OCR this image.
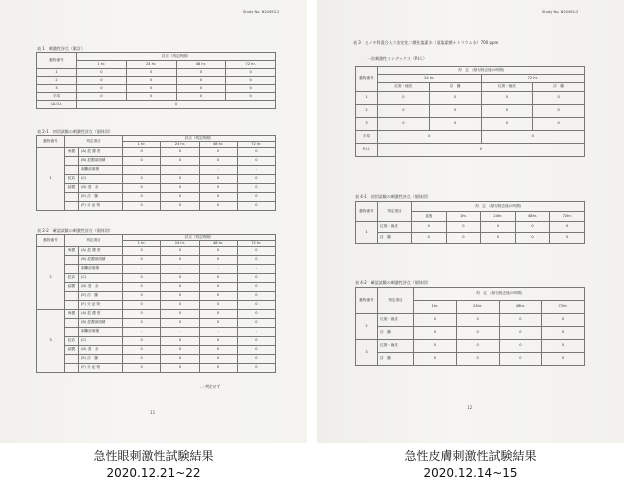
Study No. N20493-2
表 1　刺激性評点（累計）
動物番号	評点（判定時期）			
	1 hr.	24 hr.	48 hr.	72 hr.
1	0	0	0	0
2	0	0	0	0
3	0	0	0	0
平均	0	0	0	0
I.A.O.I.	0			
表 2-1　初回試験の刺激性評点（個体別）
動物番号	判定項目		評点（判定時期）			
			1 hr.	24 hr.	48 hr.	72 hr.
1	角膜	(A) 混 濁 度	0	0	0	0
		(B) 混濁部面積	0	0	0	0
		剥離部面積	-	-	-	-
	虹彩	(C)	0	0	0	0
	結膜	(D) 発　赤	0	0	0	0
		(E) 浮　腫	0	0	0	0
		(F) 分 泌 物	0	0	0	0
表 2-2　確認試験の刺激性評点（個体別）
動物番号	判定項目		評点（判定時期）			
			1 hr.	24 hr.	48 hr.	72 hr.
2	角膜	(A) 混 濁 度	0	0	0	0
		(B) 混濁部面積	0	0	0	0
		剥離部面積	-	-	-	-
	虹彩	(C)	0	0	0	0
	結膜	(D) 発　赤	0	0	0	0
		(E) 浮　腫	0	0	0	0
		(F) 分 泌 物	0	0	0	0
3	角膜	(A) 混 濁 度	0	0	0	0
		(B) 混濁部面積	0	0	0	0
		剥離部面積	-	-	-	-
	虹彩	(C)	0	0	0	0
	結膜	(D) 発　赤	0	0	0	0
		(E) 浮　腫	0	0	0	0
		(F) 分 泌 物	0	0	0	0
- : 判定せず
11
Study No. N20494-2
表 3　ヒノキ科混合入り安定化二酸化塩素水（亜塩素酸ナトリウム水）700 ppm
一次刺激性インデックス（P.I.I.）
動物番号	判　定　(貼付除去後の時間)			
	24 hr.		72 hr.	
	紅斑・痂皮	浮　腫	紅斑・痂皮	浮　腫
1	0	0	0	0
2	0	0	0	0
3	0	0	0	0
平均	0		0	
P.I.I.	0			
表 4-1　初回試験の刺激性評点（個体別）
動物番号	判定項目	判　定　(貼付除去後の時間)				
		直後	1hr.	24hr.	48hr.	72hr.
1	紅斑・痂皮	0	0	0	0	0
	浮　腫	0	0	0	0	0
表 4-2　確認試験の刺激性評点（個体別）
動物番号	判定項目	判　定　(貼付除去後の時間)			
		1hr.	24hr.	48hr.	72hr.
2	紅斑・痂皮	0	0	0	0
	浮　腫	0	0	0	0
3	紅斑・痂皮	0	0	0	0
	浮　腫	0	0	0	0
12
急性眼刺激性試験結果
2020.12.21~22
急性皮膚刺激性試験結果
2020.12.14~15
